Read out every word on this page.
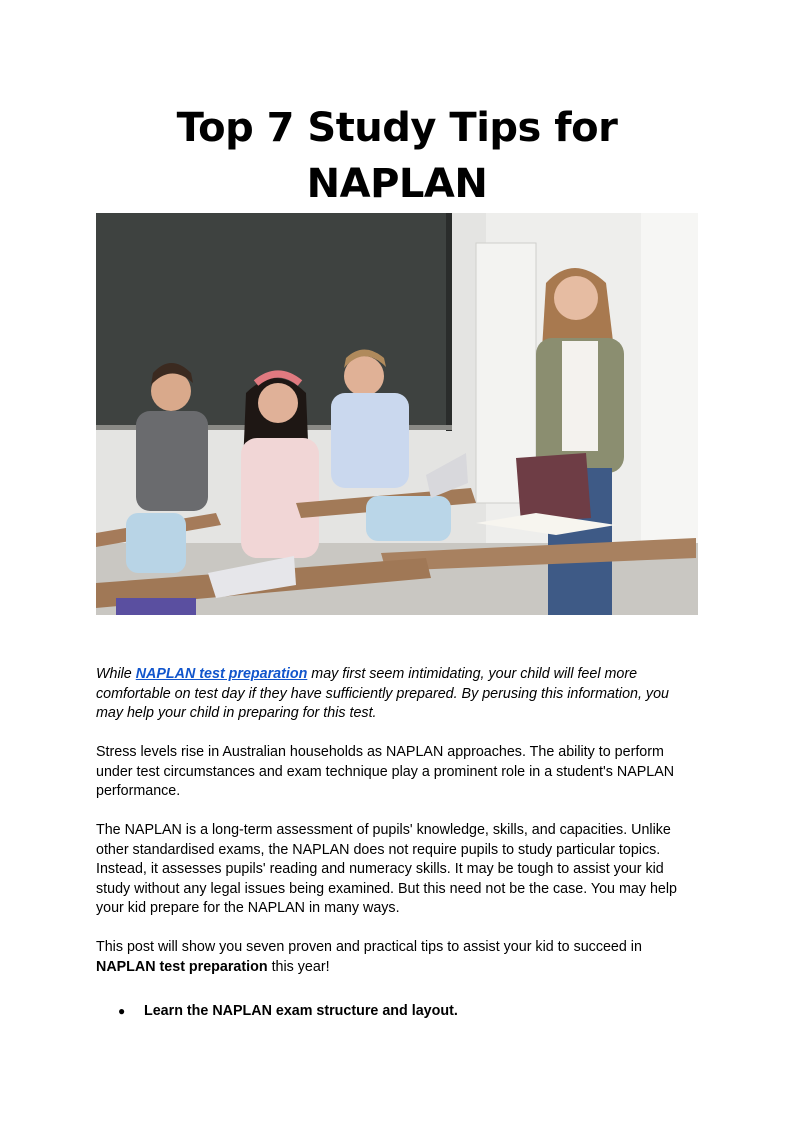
Top 7 Study Tips for NAPLAN

While NAPLAN test preparation may first seem intimidating, your child will feel more comfortable on test day if they have sufficiently prepared. By perusing this information, you may help your child in preparing for this test.

Stress levels rise in Australian households as NAPLAN approaches. The ability to perform under test circumstances and exam technique play a prominent role in a student's NAPLAN performance.

The NAPLAN is a long-term assessment of pupils' knowledge, skills, and capacities. Unlike other standardised exams, the NAPLAN does not require pupils to study particular topics. Instead, it assesses pupils' reading and numeracy skills. It may be tough to assist your kid study without any legal issues being examined. But this need not be the case. You may help your kid prepare for the NAPLAN in many ways.

This post will show you seven proven and practical tips to assist your kid to succeed in NAPLAN test preparation this year!

●	Learn the NAPLAN exam structure and layout.
